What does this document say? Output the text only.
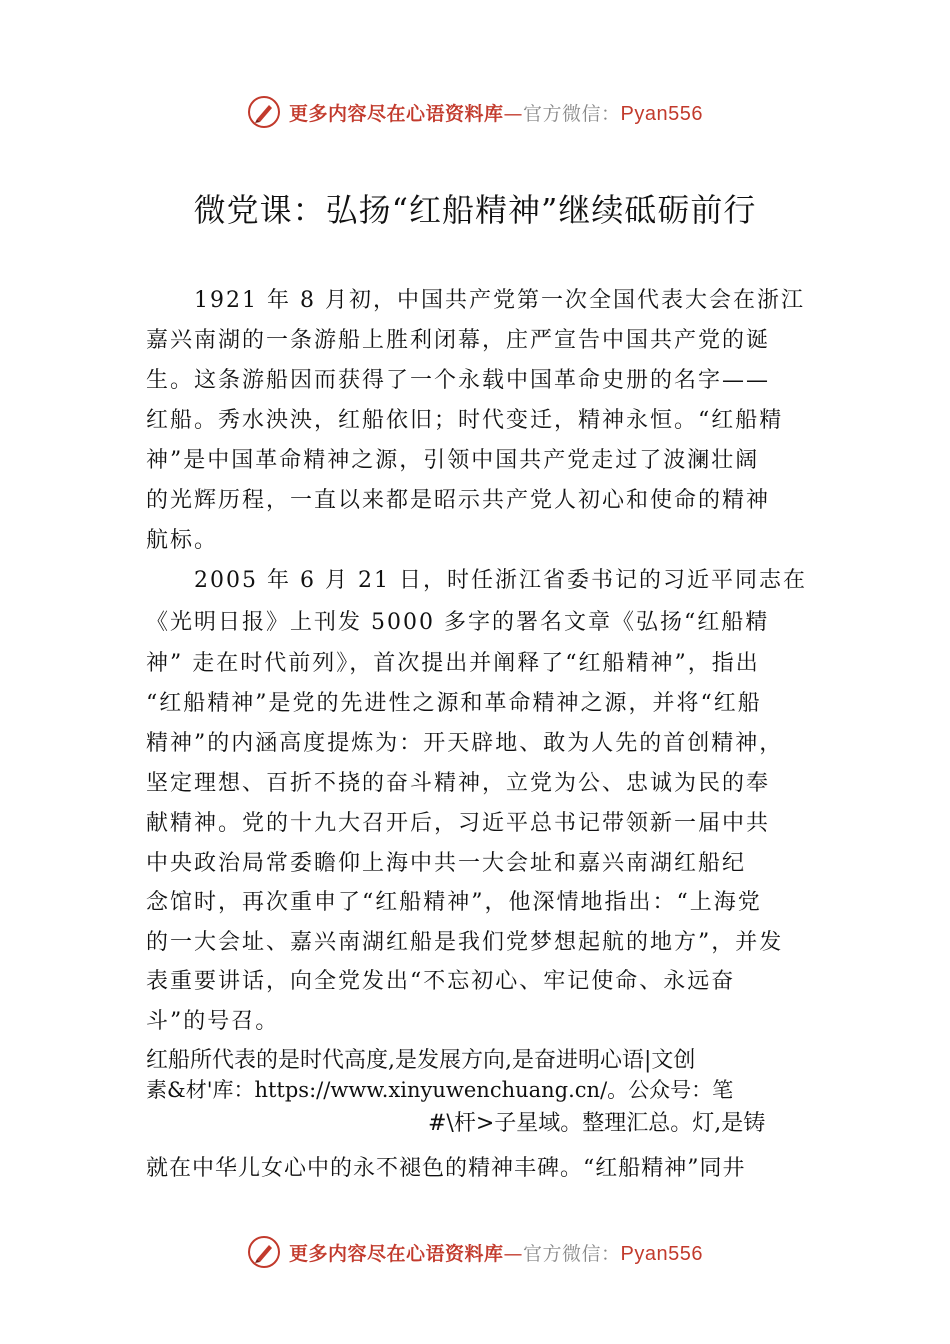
更多内容尽在心语资料库—官方微信：Pyan556
微党课：弘扬“红船精神”继续砥砺前行
1921 年 8 月初，中国共产党第一次全国代表大会在浙江
嘉兴南湖的一条游船上胜利闭幕，庄严宣告中国共产党的诞
生。这条游船因而获得了一个永载中国革命史册的名字——
红船。秀水泱泱，红船依旧；时代变迁，精神永恒。“红船精
神”是中国革命精神之源，引领中国共产党走过了波澜壮阔
的光辉历程，一直以来都是昭示共产党人初心和使命的精神
航标。
2005 年 6 月 21 日，时任浙江省委书记的习近平同志在
《光明日报》上刊发 5000 多字的署名文章《弘扬“红船精
神” 走在时代前列》，首次提出并阐释了“红船精神”，指出
“红船精神”是党的先进性之源和革命精神之源，并将“红船
精神”的内涵高度提炼为：开天辟地、敢为人先的首创精神，
坚定理想、百折不挠的奋斗精神，立党为公、忠诚为民的奉
献精神。党的十九大召开后，习近平总书记带领新一届中共
中央政治局常委瞻仰上海中共一大会址和嘉兴南湖红船纪
念馆时，再次重申了“红船精神”，他深情地指出：“上海党
的一大会址、嘉兴南湖红船是我们党梦想起航的地方”，并发
表重要讲话，向全党发出“不忘初心、牢记使命、永远奋
斗”的号召。
红船所代表的是时代高度,是发展方向,是奋进明心语|文创
素&材'库：https://www.xinyuwenchuang.cn/。公众号：笔
#\杆>子星域。整理汇总。灯,是铸
就在中华儿女心中的永不褪色的精神丰碑。“红船精神”同井
更多内容尽在心语资料库—官方微信：Pyan556
